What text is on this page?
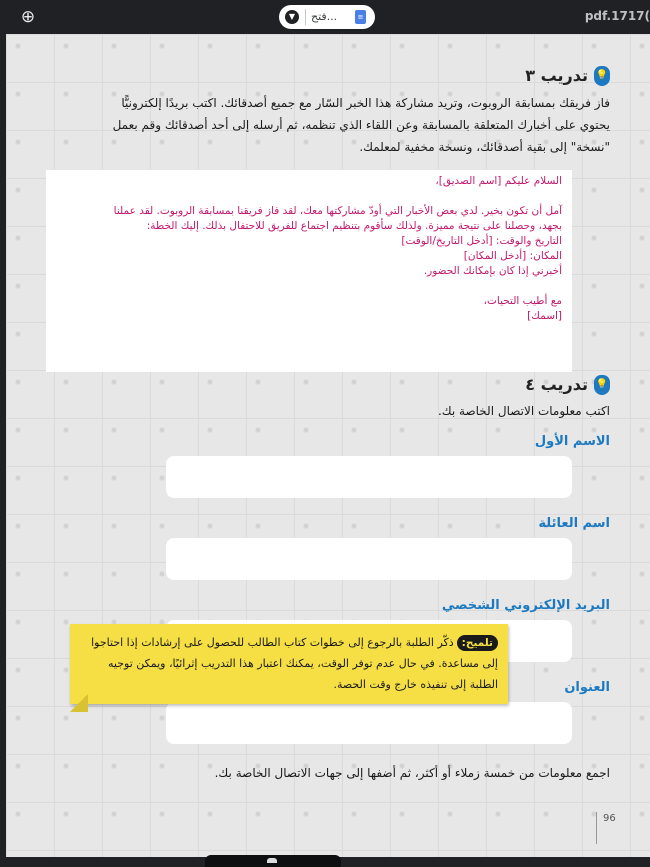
⊕	▼	فتح...	≡	pdf.1717(
💡
تدريب ٣
فاز فريقك بمسابقة الروبوت، وتريد مشاركة هذا الخبر السّار مع جميع أصدقائك. اكتب بريدًا إلكترونيًّا
يحتوي على أخبارك المتعلقة بالمسابقة وعن اللقاء الذي تنظمه، ثم أرسله إلى أحد أصدقائك وقم بعمل
"نسخة" إلى بقية أصدقائك، ونسخة مخفية لمعلمك.
السلام عليكم [اسم الصديق]،
آمل أن تكون بخير. لدي بعض الأخبار التي أودّ مشاركتها معك، لقد فاز فريقنا بمسابقة الروبوت. لقد عملنا
بجهد، وحصلنا على نتيجة مميزة. ولذلك سأقوم بتنظيم اجتماع للفريق للاحتفال بذلك. إليك الخطة:
التاريخ والوقت: [أدخل التاريخ/الوقت]
المكان: [أدخل المكان]
أخبرني إذا كان بإمكانك الحضور.
مع أطيب التحيات،
[اسمك]
💡
تدريب ٤
اكتب معلومات الاتصال الخاصة بك.
الاسم الأول
اسم العائلة
البريد الإلكتروني الشخصي
العنوان
اجمع معلومات من خمسة زملاء أو أكثر، ثم أضفها إلى جهات الاتصال الخاصة بك.
تلميح:ذكّر الطلبة بالرجوع إلى خطوات كتاب الطالب للحصول على إرشادات إذا احتاجوا
إلى مساعدة. في حال عدم توفر الوقت، يمكنك اعتبار هذا التدريب إثرائيًا، ويمكن توجيه
الطلبة إلى تنفيذه خارج وقت الحصة.
96
